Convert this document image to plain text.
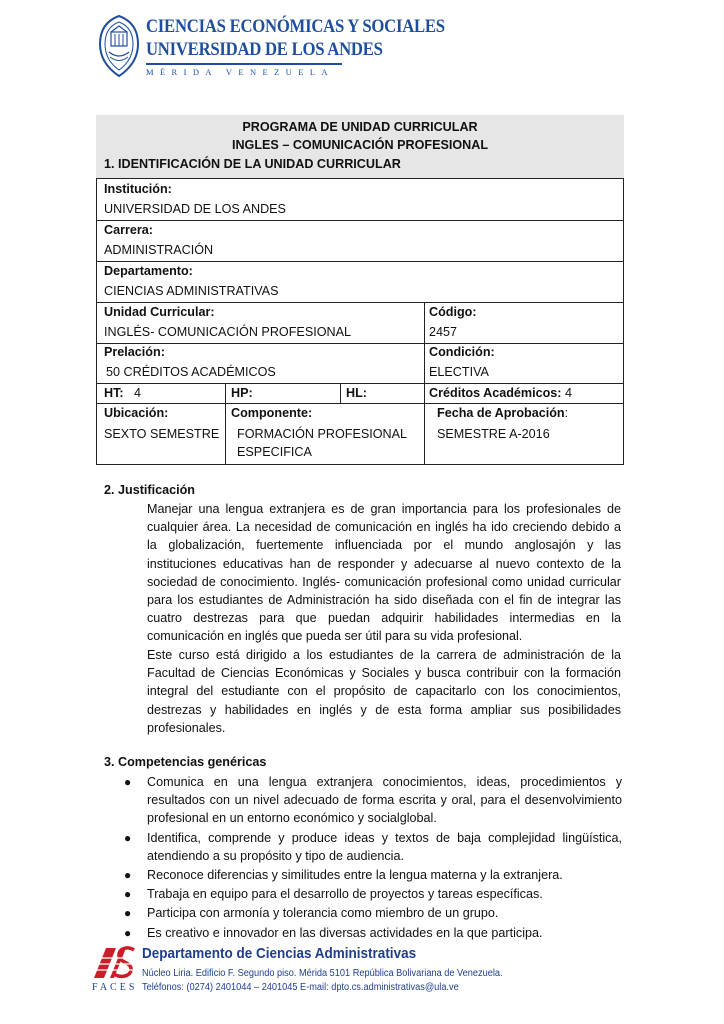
CIENCIAS ECONÓMICAS Y SOCIALES
UNIVERSIDAD DE LOS ANDES
MÉRIDA VENEZUELA
PROGRAMA DE UNIDAD CURRICULAR
INGLES – COMUNICACIÓN PROFESIONAL
1. IDENTIFICACIÓN DE LA UNIDAD CURRICULAR
Institución:
UNIVERSIDAD DE LOS ANDES
Carrera:
ADMINISTRACIÓN
Departamento:
CIENCIAS ADMINISTRATIVAS
Unidad Curricular:
INGLÉS- COMUNICACIÓN PROFESIONAL
Código:
2457
Prelación:
50 CRÉDITOS ACADÉMICOS
Condición:
ELECTIVA
HT: 4	HP:	HL:	Créditos Académicos: 4
Ubicación:
SEXTO SEMESTRE
Componente:
FORMACIÓN PROFESIONAL
ESPECIFICA
Fecha de Aprobación:
SEMESTRE A-2016
2. Justificación

Manejar una lengua extranjera es de gran importancia para los profesionales de cualquier área. La necesidad de comunicación en inglés ha ido creciendo debido a la globalización, fuertemente influenciada por el mundo anglosajón y las instituciones educativas han de responder y adecuarse al nuevo contexto de la sociedad de conocimiento. Inglés- comunicación profesional como unidad curricular para los estudiantes de Administración ha sido diseñada con el fin de integrar las cuatro destrezas para que puedan adquirir habilidades intermedias en la comunicación en inglés que pueda ser útil para su vida profesional.

Este curso está dirigido a los estudiantes de la carrera de administración de la Facultad de Ciencias Económicas y Sociales y busca contribuir con la formación integral del estudiante con el propósito de capacitarlo con los conocimientos, destrezas y habilidades en inglés y de esta forma ampliar sus posibilidades profesionales.

3. Competencias genéricas
● Comunica en una lengua extranjera conocimientos, ideas, procedimientos y resultados con un nivel adecuado de forma escrita y oral, para el desenvolvimiento profesional en un entorno económico y socialglobal.
● Identifica, comprende y produce ideas y textos de baja complejidad lingüística, atendiendo a su propósito y tipo de audiencia.
● Reconoce diferencias y similitudes entre la lengua materna y la extranjera.
● Trabaja en equipo para el desarrollo de proyectos y tareas específicas.
● Participa con armonía y tolerancia como miembro de un grupo.
● Es creativo e innovador en las diversas actividades en la que participa.
FACES
Departamento de Ciencias Administrativas
Núcleo Liria. Edificio F. Segundo piso. Mérida 5101 República Bolivariana de Venezuela.
Teléfonos: (0274) 2401044 – 2401045 E-mail: dpto.cs.administrativas@ula.ve
